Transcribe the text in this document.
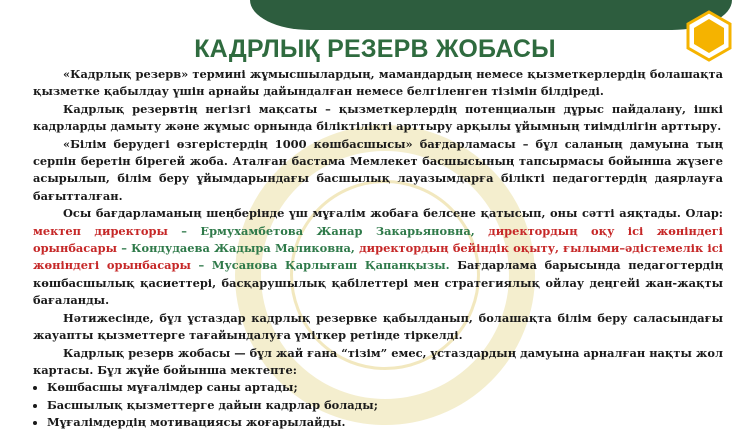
КАДРЛЫҚ РЕЗЕРВ ЖОБАСЫ

«Кадрлық резерв» термині жұмысшылардың, мамандардың немесе қызметкерлердің болашақта қызметке қабылдау үшін арнайы дайындалған немесе белгіленген тізімін білдіреді.

Кадрлық резервтің негізгі мақсаты – қызметкерлердің потенциалын дұрыс пайдалану, ішкі кадрларды дамыту және жұмыс орнында біліктілікті арттыру арқылы ұйымның тиімділігін арттыру.

«Білім берудегі өзгерістердің 1000 көшбасшысы» бағдарламасы – бұл саланың дамуына тың серпін беретін бірегей жоба. Аталған бастама Мемлекет басшысының тапсырмасы бойынша жүзеге асырылып, білім беру ұйымдарындағы басшылық лауазымдарға білікті педагогтердің даярлауға бағытталған.

Осы бағдарламаның шеңберінде үш мұғалім жобаға белсене қатысып, оны сәтті аяқтады. Олар: мектеп директоры – Ермухамбетова Жанар Закарьяновна, директордың оқу ісі жөніндегі орынбасары – Кондудаева Жадыра Маликовна, директордың бейіндік оқыту, ғылыми–әдістемелік ісі жөніндегі орынбасары – Мусанова Қарлығаш Қапанқызы. Бағдарлама барысында педагогтердің көшбасшылық қасиеттері, басқарушылық қабілеттері мен стратегиялық ойлау деңгейі жан-жақты бағаланды.

Нәтижесінде, бұл ұстаздар кадрлық резервке қабылданып, болашақта білім беру саласындағы жауапты қызметтерге тағайындалуға үміткер ретінде тіркелді.

Кадрлық резерв жобасы — бұл жай ғана “тізім” емес, ұстаздардың дамуына арналған нақты жол картасы. Бұл жүйе бойынша мектепте:

• Көшбасшы мұғалімдер саны артады;
• Басшылық қызметтерге дайын кадрлар болады;
• Мұғалімдердің мотивациясы жоғарылайды.
